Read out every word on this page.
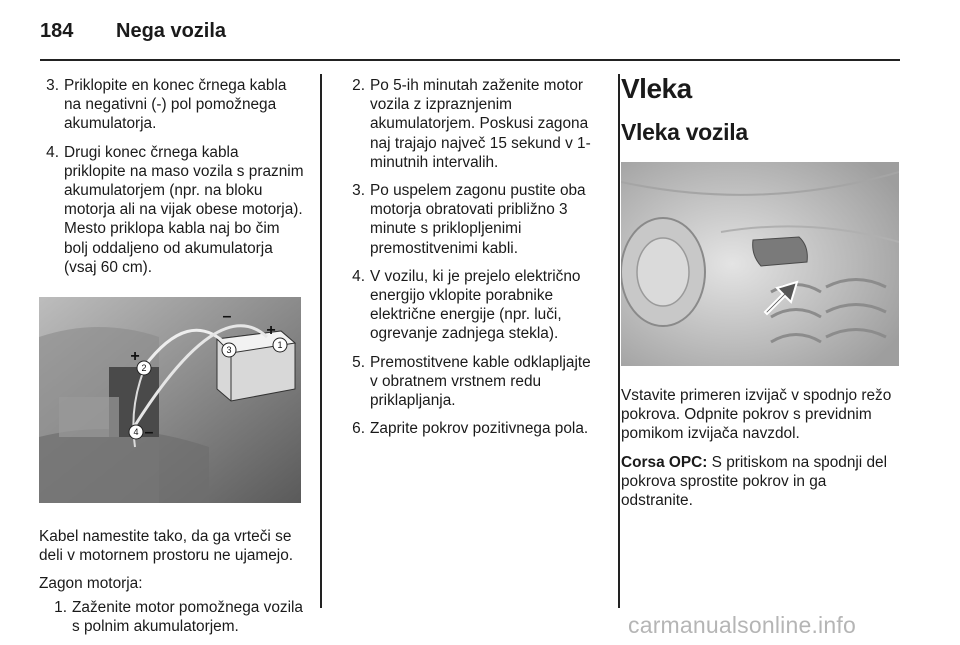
184 Nega vozila
3. Priklopite en konec črnega kabla na negativni (-) pol pomožnega akumulatorja.
4. Drugi konec črnega kabla priklopite na maso vozila s praznim akumulatorjem (npr. na bloku motorja ali na vijak obese motorja). Mesto priklopa kabla naj bo čim bolj oddaljeno od akumulatorja (vsaj 60 cm).
1
3
2
4
–
+
+
–

Kabel namestite tako, da ga vrteči se deli v motornem prostoru ne ujamejo.

Zagon motorja:

1. Zaženite motor pomožnega vozila s polnim akumulatorjem.
2. Po 5-ih minutah zaženite motor vozila z izpraznjenim akumulatorjem. Poskusi zagona naj trajajo največ 15 sekund v 1-minutnih intervalih.
3. Po uspelem zagonu pustite oba motorja obratovati približno 3 minute s priklopljenimi premostitvenimi kabli.
4. V vozilu, ki je prejelo električno energijo vklopite porabnike električne energije (npr. luči, ogrevanje zadnjega stekla).
5. Premostitvene kable odklapljajte v obratnem vrstnem redu priklapljanja.
6. Zaprite pokrov pozitivnega pola.
Vleka
Vleka vozila

Vstavite primeren izvijač v spodnjo režo pokrova. Odpnite pokrov s previdnim pomikom izvijača navzdol.

Corsa OPC: S pritiskom na spodnji del pokrova sprostite pokrov in ga odstranite.

carmanualsonline.info
